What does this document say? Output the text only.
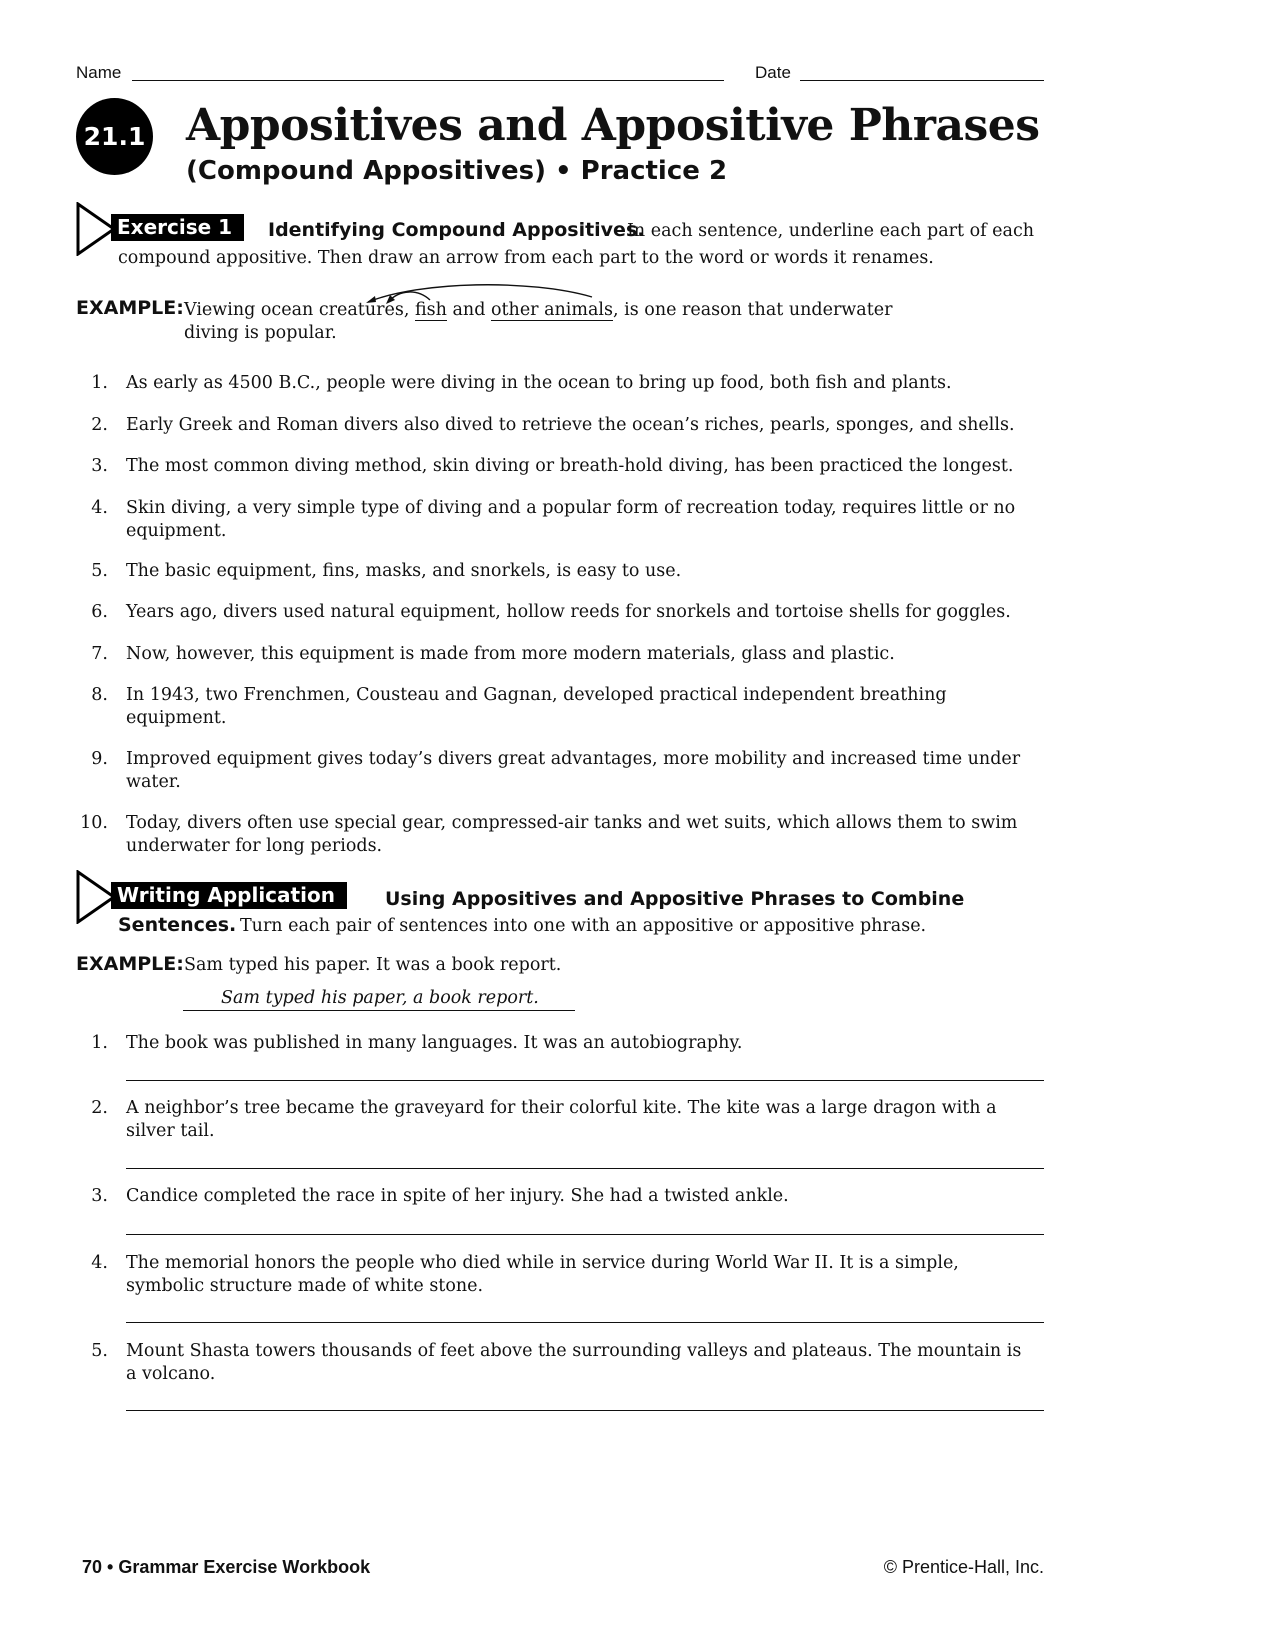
Name	Date
21.1 Appositives and Appositive Phrases
(Compound Appositives) • Practice 2
Exercise 1	Identifying Compound Appositives.
In each sentence, underline each part of each
compound appositive. Then draw an arrow from each part to the word or words it renames.
EXAMPLE: Viewing ocean creatures, fish and other animals, is one reason that underwater
diving is popular.
1. As early as 4500 B.C., people were diving in the ocean to bring up food, both fish and plants.
2. Early Greek and Roman divers also dived to retrieve the ocean’s riches, pearls, sponges, and shells.
3. The most common diving method, skin diving or breath-hold diving, has been practiced the longest.
4. Skin diving, a very simple type of diving and a popular form of recreation today, requires little or no equipment.
5. The basic equipment, fins, masks, and snorkels, is easy to use.
6. Years ago, divers used natural equipment, hollow reeds for snorkels and tortoise shells for goggles.
7. Now, however, this equipment is made from more modern materials, glass and plastic.
8. In 1943, two Frenchmen, Cousteau and Gagnan, developed practical independent breathing equipment.
9. Improved equipment gives today’s divers great advantages, more mobility and increased time under water.
10. Today, divers often use special gear, compressed-air tanks and wet suits, which allows them to swim underwater for long periods.
Writing Application	Using Appositives and Appositive Phrases to Combine
Sentences. Turn each pair of sentences into one with an appositive or appositive phrase.
EXAMPLE: Sam typed his paper. It was a book report.
Sam typed his paper, a book report.
1. The book was published in many languages. It was an autobiography.
2. A neighbor’s tree became the graveyard for their colorful kite. The kite was a large dragon with a silver tail.
3. Candice completed the race in spite of her injury. She had a twisted ankle.
4. The memorial honors the people who died while in service during World War II. It is a simple, symbolic structure made of white stone.
5. Mount Shasta towers thousands of feet above the surrounding valleys and plateaus. The mountain is a volcano.
70 • Grammar Exercise Workbook	© Prentice-Hall, Inc.
